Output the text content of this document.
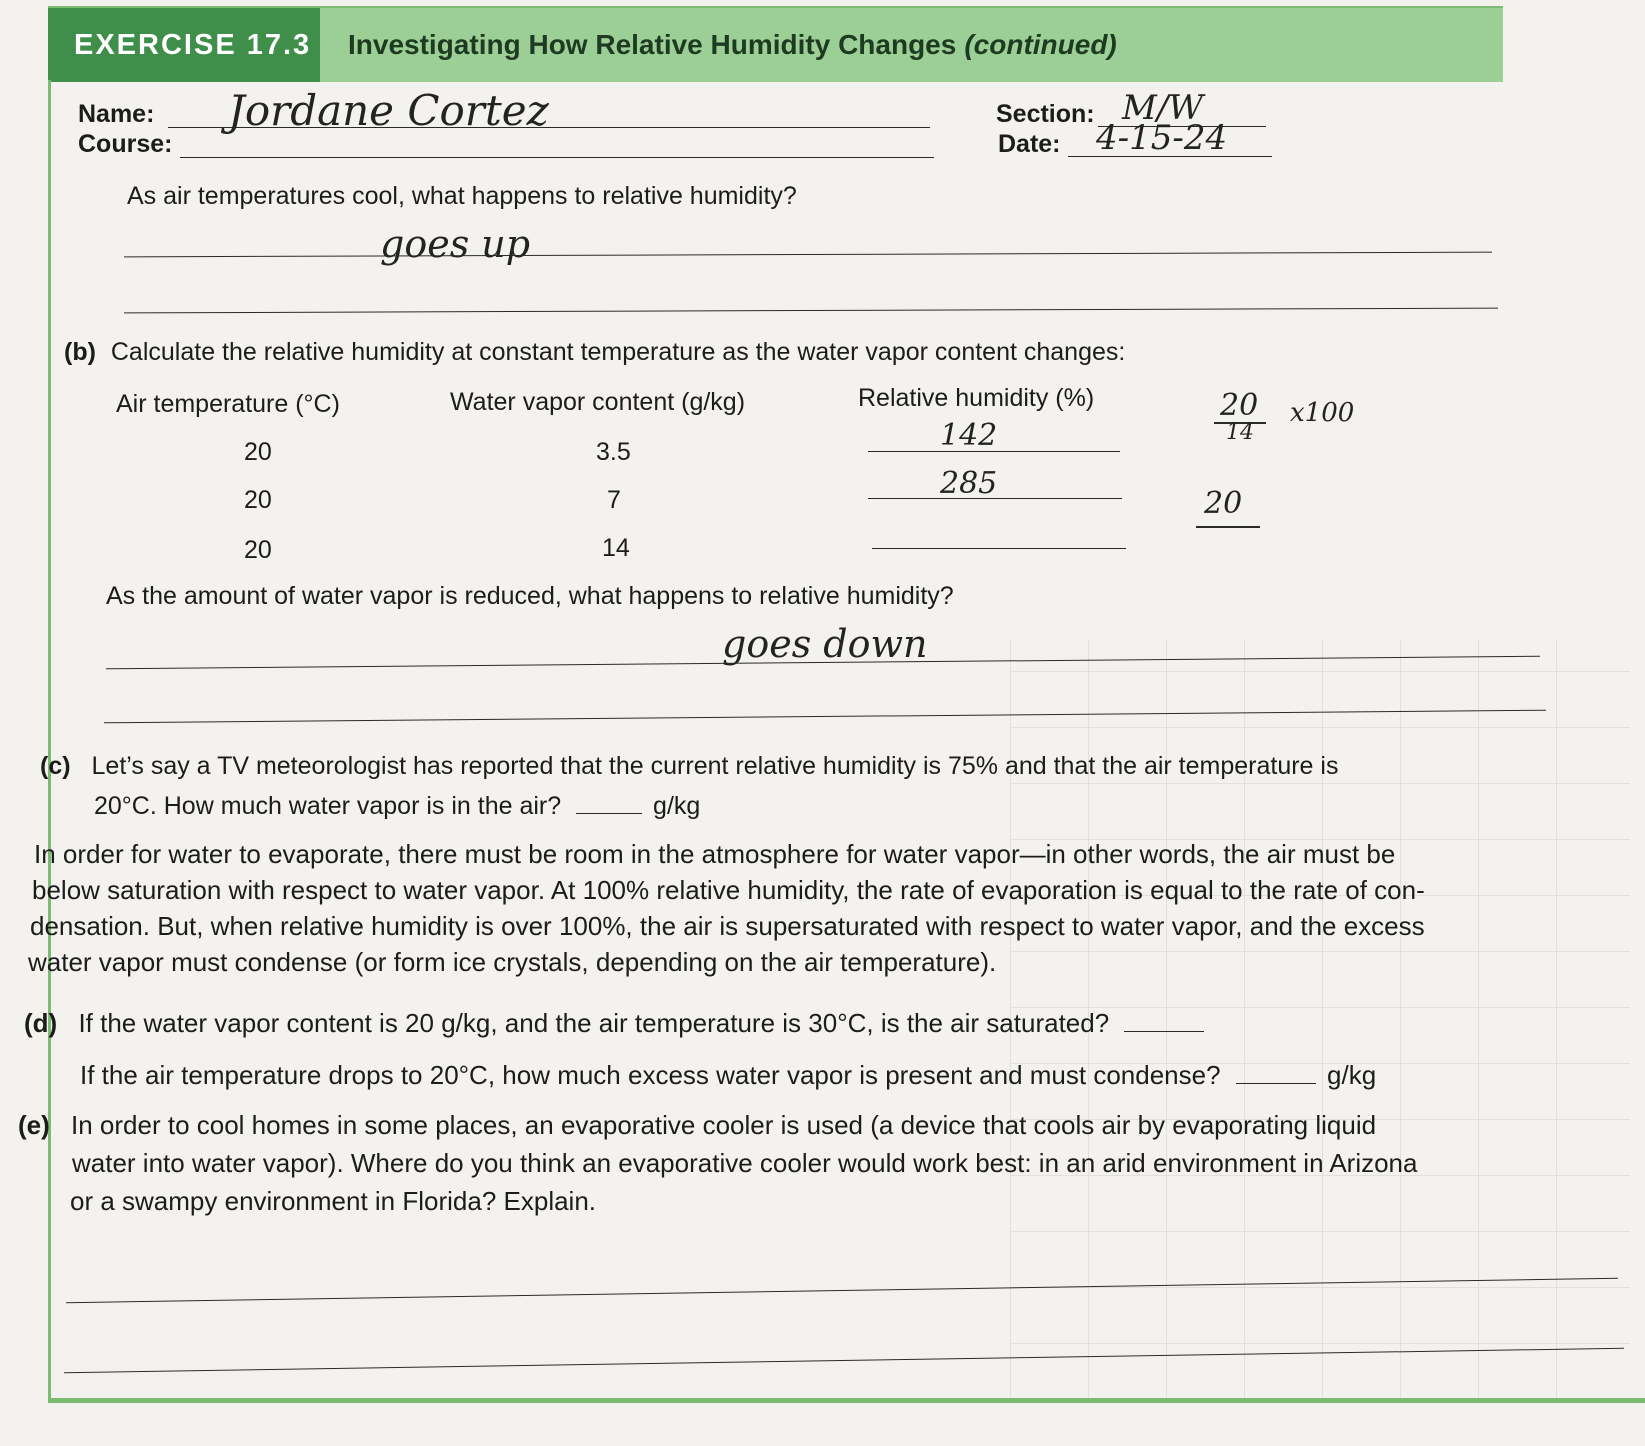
EXERCISE 17.3	Investigating How Relative Humidity Changes (continued)
Name: Jordane Cortez
Course:
Section: M/W
Date: 4-15-24
As air temperatures cool, what happens to relative humidity?
goes up
(b) Calculate the relative humidity at constant temperature as the water vapor content changes:
Air temperature (°C)	Water vapor content (g/kg)	Relative humidity (%)
20	3.5	142
20	7	285
20	14
20
14
x100
20
As the amount of water vapor is reduced, what happens to relative humidity?
goes down
(c) Let’s say a TV meteorologist has reported that the current relative humidity is 75% and that the air temperature is
20°C. How much water vapor is in the air?	g/kg
In order for water to evaporate, there must be room in the atmosphere for water vapor—in other words, the air must be
below saturation with respect to water vapor. At 100% relative humidity, the rate of evaporation is equal to the rate of con-
densation. But, when relative humidity is over 100%, the air is supersaturated with respect to water vapor, and the excess
water vapor must condense (or form ice crystals, depending on the air temperature).
(d) If the water vapor content is 20 g/kg, and the air temperature is 30°C, is the air saturated?
If the air temperature drops to 20°C, how much excess water vapor is present and must condense?	g/kg
(e) In order to cool homes in some places, an evaporative cooler is used (a device that cools air by evaporating liquid
water into water vapor). Where do you think an evaporative cooler would work best: in an arid environment in Arizona
or a swampy environment in Florida? Explain.
